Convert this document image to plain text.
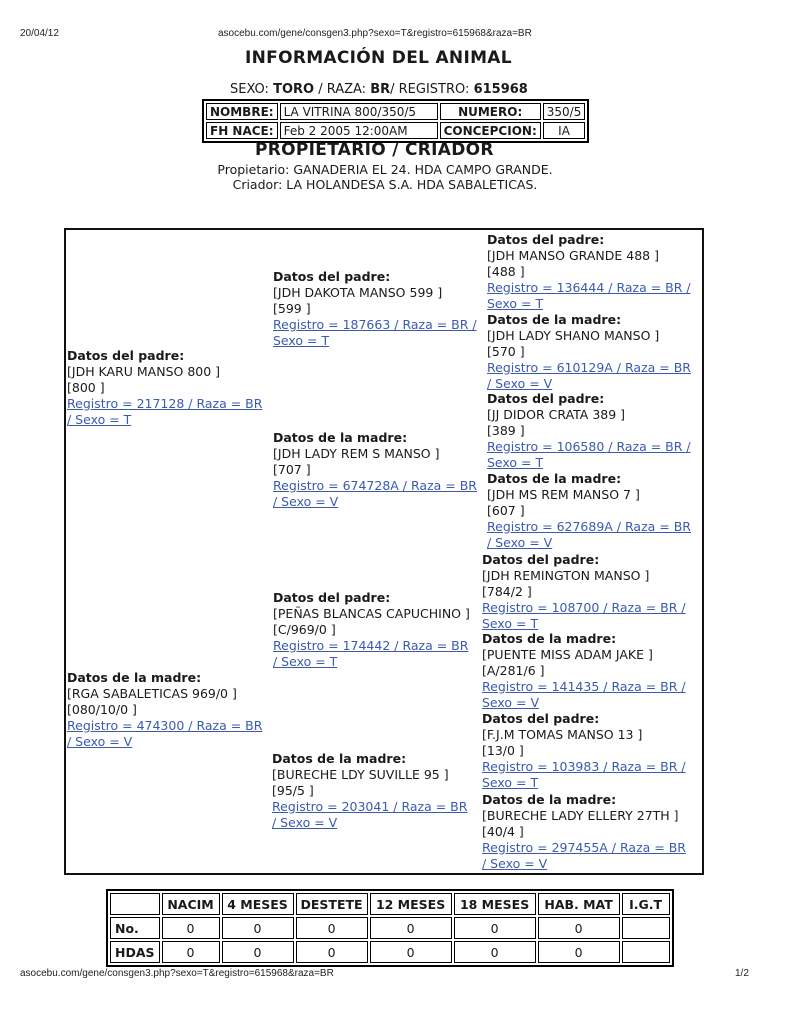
20/04/12	asocebu.com/gene/consgen3.php?sexo=T&registro=615968&raza=BR
INFORMACIÓN DEL ANIMAL
SEXO: TORO / RAZA: BR/ REGISTRO: 615968
NOMBRE:	LA VITRINA 800/350/5	NUMERO:	350/5
FH NACE:	Feb 2 2005 12:00AM	CONCEPCION:	IA
PROPIETARIO / CRIADOR
Propietario: GANADERIA EL 24. HDA CAMPO GRANDE.
Criador: LA HOLANDESA S.A. HDA SABALETICAS.
Datos del padre:
[JDH KARU MANSO 800 ]
[800 ]
Registro = 217128 / Raza = BR
/ Sexo = T
Datos de la madre:
[RGA SABALETICAS 969/0 ]
[080/10/0 ]
Registro = 474300 / Raza = BR
/ Sexo = V
Datos del padre:
[JDH DAKOTA MANSO 599 ]
[599 ]
Registro = 187663 / Raza = BR /
Sexo = T
Datos de la madre:
[JDH LADY REM S MANSO ]
[707 ]
Registro = 674728A / Raza = BR
/ Sexo = V
Datos del padre:
[PEÑAS BLANCAS CAPUCHINO ]
[C/969/0 ]
Registro = 174442 / Raza = BR
/ Sexo = T
Datos de la madre:
[BURECHE LDY SUVILLE 95 ]
[95/5 ]
Registro = 203041 / Raza = BR
/ Sexo = V
Datos del padre:
[JDH MANSO GRANDE 488 ]
[488 ]
Registro = 136444 / Raza = BR /
Sexo = T
Datos de la madre:
[JDH LADY SHANO MANSO ]
[570 ]
Registro = 610129A / Raza = BR
/ Sexo = V
Datos del padre:
[JJ DIDOR CRATA 389 ]
[389 ]
Registro = 106580 / Raza = BR /
Sexo = T
Datos de la madre:
[JDH MS REM MANSO 7 ]
[607 ]
Registro = 627689A / Raza = BR
/ Sexo = V
Datos del padre:
[JDH REMINGTON MANSO ]
[784/2 ]
Registro = 108700 / Raza = BR /
Sexo = T
Datos de la madre:
[PUENTE MISS ADAM JAKE ]
[A/281/6 ]
Registro = 141435 / Raza = BR /
Sexo = V
Datos del padre:
[F.J.M TOMAS MANSO 13 ]
[13/0 ]
Registro = 103983 / Raza = BR /
Sexo = T
Datos de la madre:
[BURECHE LADY ELLERY 27TH ]
[40/4 ]
Registro = 297455A / Raza = BR
/ Sexo = V
	NACIM	4 MESES	DESTETE	12 MESES	18 MESES	HAB. MAT	I.G.T
No.	0	0	0	0	0	0	
HDAS	0	0	0	0	0	0	
asocebu.com/gene/consgen3.php?sexo=T&registro=615968&raza=BR	1/2
